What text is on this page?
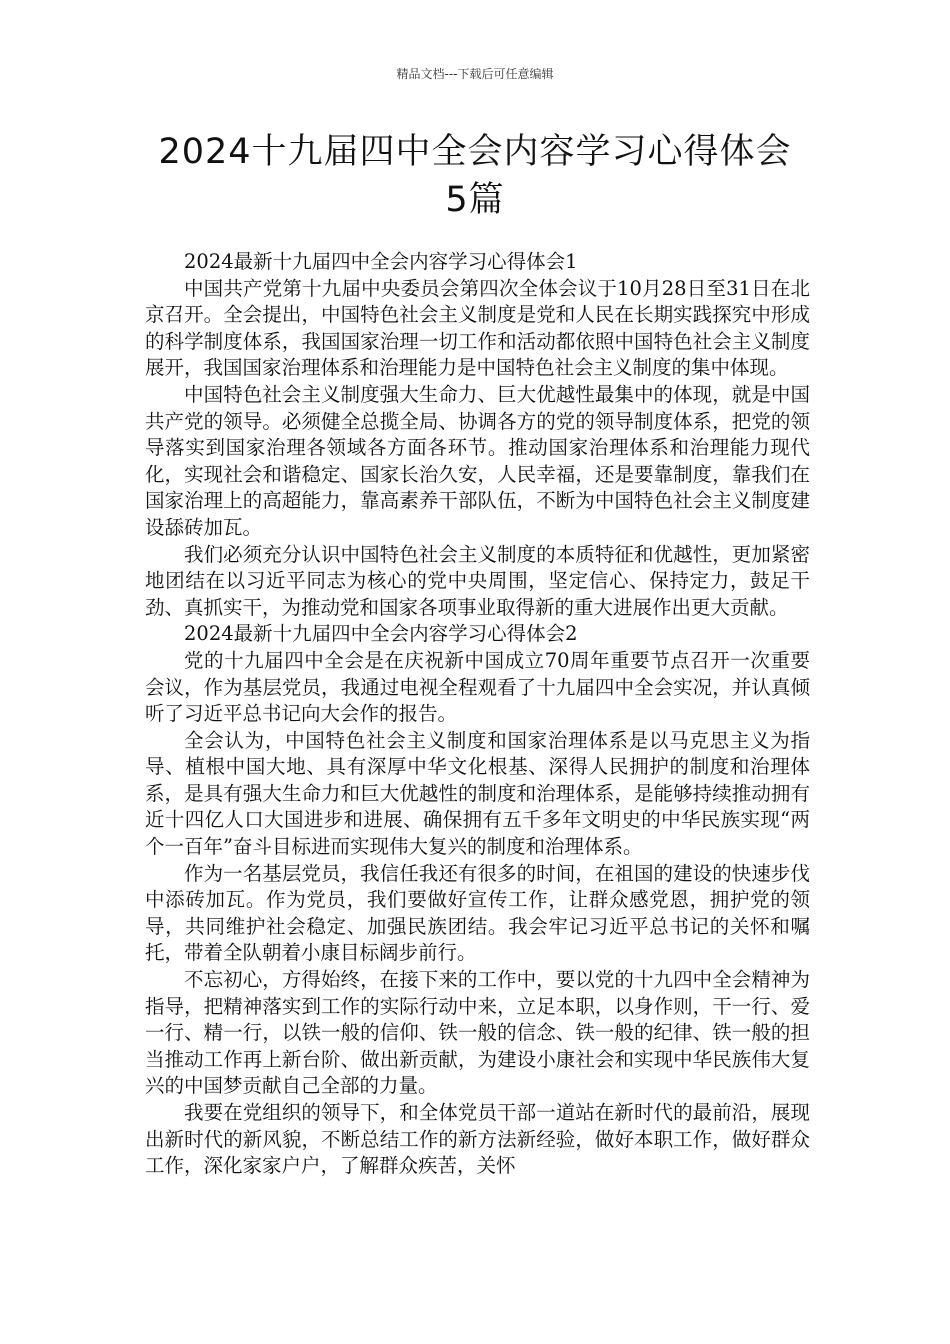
精品文档---下载后可任意编辑
2024十九届四中全会内容学习心得体会
5篇

2024最新十九届四中全会内容学习心得体会1

中国共产党第十九届中央委员会第四次全体会议于10月28日至31日在北京召开。全会提出，中国特色社会主义制度是党和人民在长期实践探究中形成的科学制度体系，我国国家治理一切工作和活动都依照中国特色社会主义制度展开，我国国家治理体系和治理能力是中国特色社会主义制度的集中体现。

中国特色社会主义制度强大生命力、巨大优越性最集中的体现，就是中国共产党的领导。必须健全总揽全局、协调各方的党的领导制度体系，把党的领导落实到国家治理各领域各方面各环节。推动国家治理体系和治理能力现代化，实现社会和谐稳定、国家长治久安，人民幸福，还是要靠制度，靠我们在国家治理上的高超能力，靠高素养干部队伍，不断为中国特色社会主义制度建设舔砖加瓦。

我们必须充分认识中国特色社会主义制度的本质特征和优越性，更加紧密地团结在以习近平同志为核心的党中央周围，坚定信心、保持定力，鼓足干劲、真抓实干，为推动党和国家各项事业取得新的重大进展作出更大贡献。

2024最新十九届四中全会内容学习心得体会2

党的十九届四中全会是在庆祝新中国成立70周年重要节点召开一次重要会议，作为基层党员，我通过电视全程观看了十九届四中全会实况，并认真倾听了习近平总书记向大会作的报告。

全会认为，中国特色社会主义制度和国家治理体系是以马克思主义为指导、植根中国大地、具有深厚中华文化根基、深得人民拥护的制度和治理体系，是具有强大生命力和巨大优越性的制度和治理体系，是能够持续推动拥有近十四亿人口大国进步和进展、确保拥有五千多年文明史的中华民族实现“两个一百年”奋斗目标进而实现伟大复兴的制度和治理体系。

作为一名基层党员，我信任我还有很多的时间，在祖国的建设的快速步伐中添砖加瓦。作为党员，我们要做好宣传工作，让群众感党恩，拥护党的领导，共同维护社会稳定、加强民族团结。我会牢记习近平总书记的关怀和嘱托，带着全队朝着小康目标阔步前行。

不忘初心，方得始终，在接下来的工作中，要以党的十九四中全会精神为指导，把精神落实到工作的实际行动中来，立足本职，以身作则，干一行、爱一行、精一行，以铁一般的信仰、铁一般的信念、铁一般的纪律、铁一般的担当推动工作再上新台阶、做出新贡献，为建设小康社会和实现中华民族伟大复兴的中国梦贡献自己全部的力量。

我要在党组织的领导下，和全体党员干部一道站在新时代的最前沿，展现出新时代的新风貌，不断总结工作的新方法新经验，做好本职工作，做好群众工作，深化家家户户，了解群众疾苦，关怀
